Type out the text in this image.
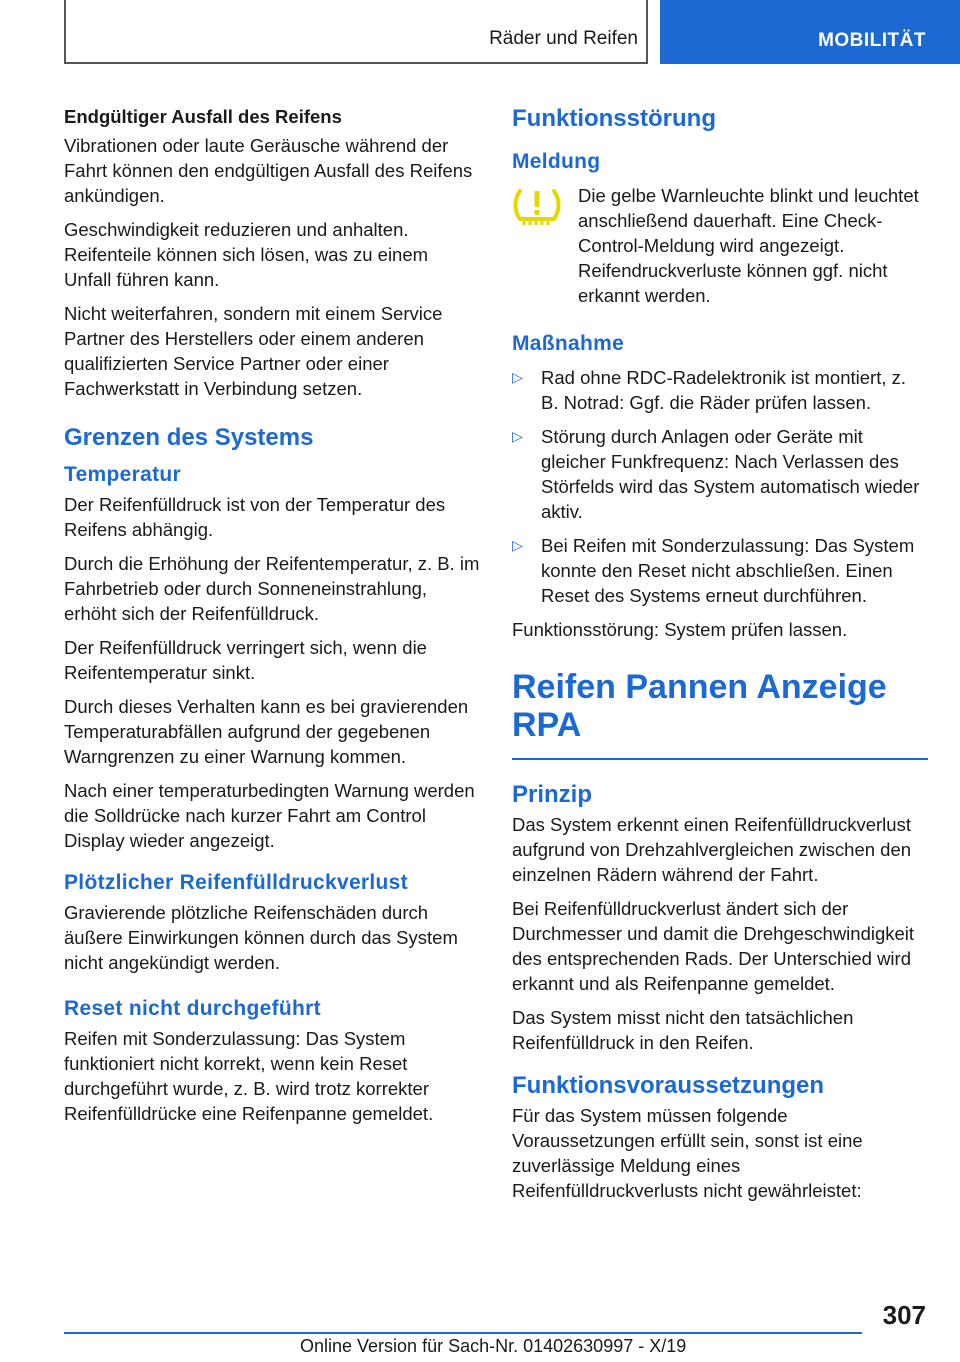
Räder und Reifen	MOBILITÄT

Endgültiger Ausfall des Reifens

Vibrationen oder laute Geräusche während der Fahrt können den endgültigen Ausfall des Reifens ankündigen.

Geschwindigkeit reduzieren und anhalten. Reifenteile können sich lösen, was zu einem Unfall führen kann.

Nicht weiterfahren, sondern mit einem Service Partner des Herstellers oder einem anderen qualifizierten Service Partner oder einer Fachwerkstatt in Verbindung setzen.

Grenzen des Systems
Temperatur

Der Reifenfülldruck ist von der Temperatur des Reifens abhängig.

Durch die Erhöhung der Reifentemperatur, z. B. im Fahrbetrieb oder durch Sonneneinstrahlung, erhöht sich der Reifenfülldruck.

Der Reifenfülldruck verringert sich, wenn die Reifentemperatur sinkt.

Durch dieses Verhalten kann es bei gravierenden Temperaturabfällen aufgrund der gegebenen Warngrenzen zu einer Warnung kommen.

Nach einer temperaturbedingten Warnung werden die Solldrücke nach kurzer Fahrt am Control Display wieder angezeigt.

Plötzlicher Reifenfülldruckverlust

Gravierende plötzliche Reifenschäden durch äußere Einwirkungen können durch das System nicht angekündigt werden.

Reset nicht durchgeführt

Reifen mit Sonderzulassung: Das System funktioniert nicht korrekt, wenn kein Reset durchgeführt wurde, z. B. wird trotz korrekter Reifenfülldrücke eine Reifenpanne gemeldet.

Funktionsstörung
Meldung

Die gelbe Warnleuchte blinkt und leuchtet anschließend dauerhaft. Eine Check-Control-Meldung wird angezeigt. Reifendruckverluste können ggf. nicht erkannt werden.

Maßnahme
▷ Rad ohne RDC-Radelektronik ist montiert, z. B. Notrad: Ggf. die Räder prüfen lassen.
▷ Störung durch Anlagen oder Geräte mit gleicher Funkfrequenz: Nach Verlassen des Störfelds wird das System automatisch wieder aktiv.
▷ Bei Reifen mit Sonderzulassung: Das System konnte den Reset nicht abschließen. Einen Reset des Systems erneut durchführen.

Funktionsstörung: System prüfen lassen.

Reifen Pannen Anzeige RPA
Prinzip

Das System erkennt einen Reifenfülldruckverlust aufgrund von Drehzahlvergleichen zwischen den einzelnen Rädern während der Fahrt.

Bei Reifenfülldruckverlust ändert sich der Durchmesser und damit die Drehgeschwindigkeit des entsprechenden Rads. Der Unterschied wird erkannt und als Reifenpanne gemeldet.

Das System misst nicht den tatsächlichen Reifenfülldruck in den Reifen.

Funktionsvoraussetzungen

Für das System müssen folgende Voraussetzungen erfüllt sein, sonst ist eine zuverlässige Meldung eines Reifenfülldruckverlusts nicht gewährleistet:

307
Online Version für Sach-Nr. 01402630997 - X/19
